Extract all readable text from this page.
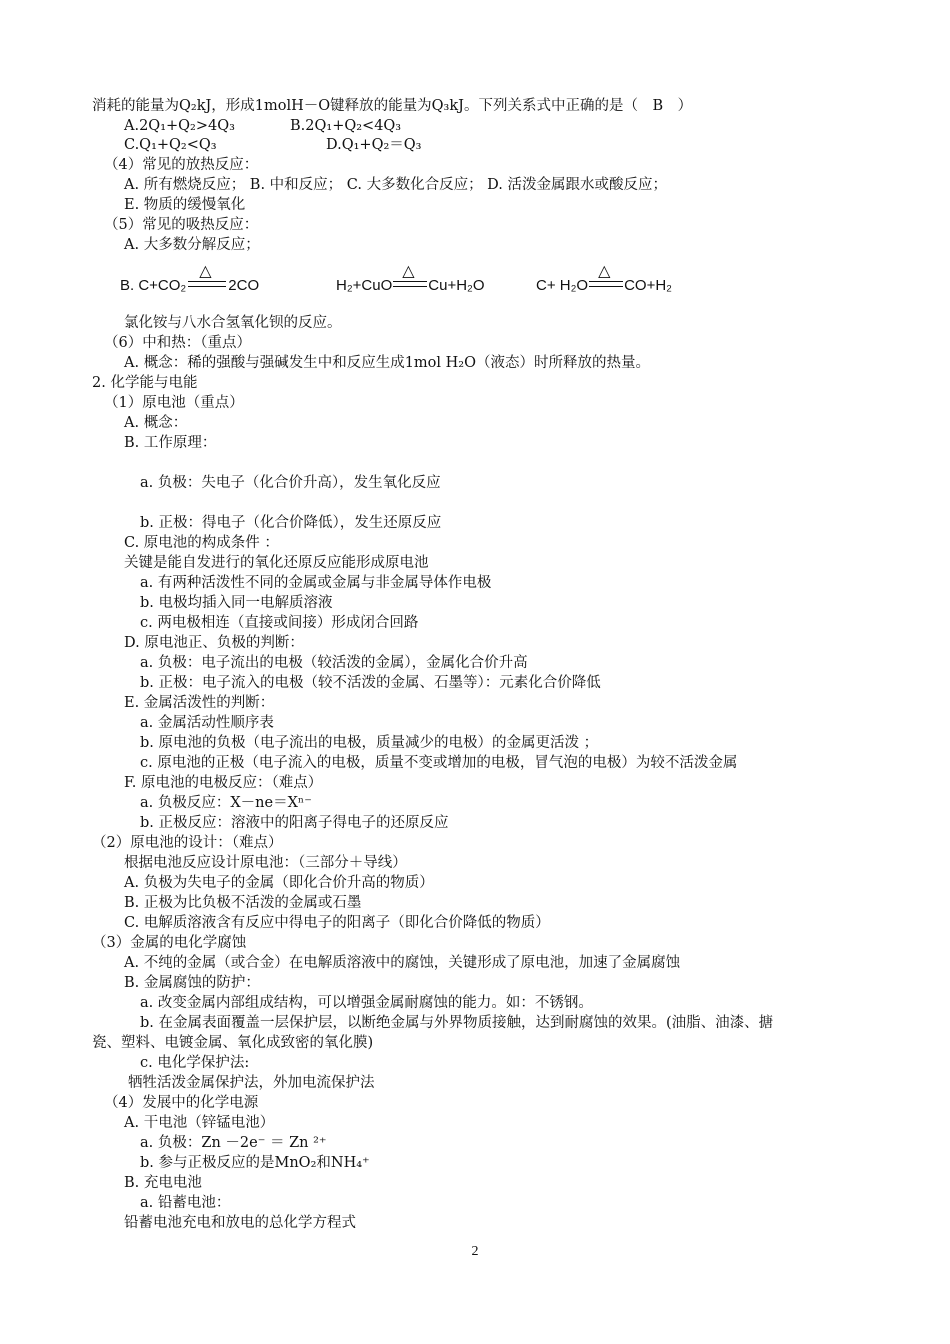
消耗的能量为Q₂kJ，形成1molH－O键释放的能量为Q₃kJ。下列关系式中正确的是（　B　）
A.2Q₁+Q₂>4Q₃	B.2Q₁+Q₂<4Q₃
C.Q₁+Q₂<Q₃	D.Q₁+Q₂＝Q₃
（4）常见的放热反应：
A. 所有燃烧反应； B. 中和反应； C. 大多数化合反应； D. 活泼金属跟水或酸反应；
E. 物质的缓慢氧化
（5）常见的吸热反应：
A. 大多数分解反应；
B. C+CO₂
△
2CO	H₂+CuO
△
Cu+H₂O	C+ H₂O
△
CO+H₂
氯化铵与八水合氢氧化钡的反应。
（6）中和热：（重点）
A. 概念：稀的强酸与强碱发生中和反应生成1mol H₂O（液态）时所释放的热量。
2. 化学能与电能
（1）原电池（重点）
A. 概念：
B. 工作原理：
a. 负极：失电子（化合价升高），发生氧化反应
b. 正极：得电子（化合价降低），发生还原反应
C. 原电池的构成条件 ：
关键是能自发进行的氧化还原反应能形成原电池
a. 有两种活泼性不同的金属或金属与非金属导体作电极
b. 电极均插入同一电解质溶液
c. 两电极相连（直接或间接）形成闭合回路
D. 原电池正、负极的判断：
a. 负极：电子流出的电极（较活泼的金属），金属化合价升高
b. 正极：电子流入的电极（较不活泼的金属、石墨等）：元素化合价降低
E. 金属活泼性的判断：
a. 金属活动性顺序表
b. 原电池的负极（电子流出的电极，质量减少的电极）的金属更活泼 ；
c. 原电池的正极（电子流入的电极，质量不变或增加的电极，冒气泡的电极）为较不活泼金属
F. 原电池的电极反应：（难点）
a. 负极反应：X－ne＝Xⁿ⁻
b. 正极反应：溶液中的阳离子得电子的还原反应
（2）原电池的设计：（难点）
根据电池反应设计原电池：（三部分＋导线）
A. 负极为失电子的金属（即化合价升高的物质）
B. 正极为比负极不活泼的金属或石墨
C. 电解质溶液含有反应中得电子的阳离子（即化合价降低的物质）
（3）金属的电化学腐蚀
A. 不纯的金属（或合金）在电解质溶液中的腐蚀，关键形成了原电池，加速了金属腐蚀
B. 金属腐蚀的防护：
a. 改变金属内部组成结构，可以增强金属耐腐蚀的能力。如：不锈钢。
b. 在金属表面覆盖一层保护层，以断绝金属与外界物质接触，达到耐腐蚀的效果。(油脂、油漆、搪
瓷、塑料、电镀金属、氧化成致密的氧化膜)
c. 电化学保护法:
牺牲活泼金属保护法，外加电流保护法
（4）发展中的化学电源
A. 干电池（锌锰电池）
a. 负极：Zn －2e⁻ ＝ Zn ²⁺
b. 参与正极反应的是MnO₂和NH₄⁺
B. 充电电池
a. 铅蓄电池：
铅蓄电池充电和放电的总化学方程式
2
